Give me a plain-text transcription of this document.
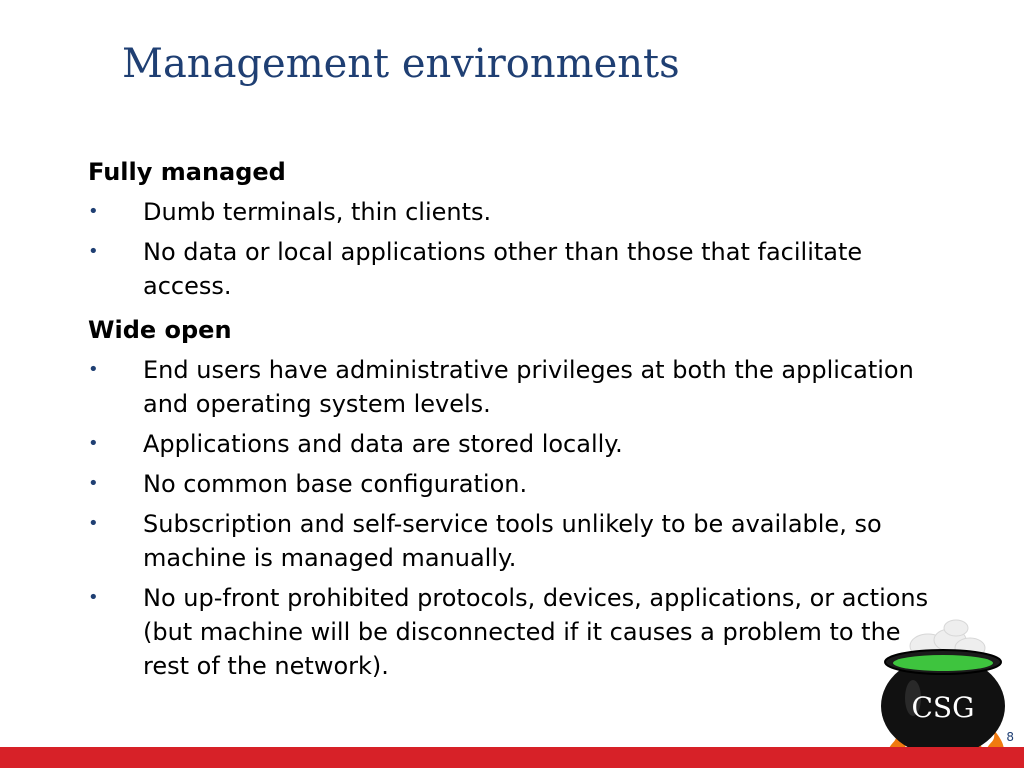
Management environments
Fully managed
• Dumb terminals, thin clients.
• No data or local applications other than those that facilitate access.
Wide open
• End users have administrative privileges at both the application and operating system levels.
• Applications and data are stored locally.
• No common base configuration.
• Subscription and self-service tools unlikely to be available, so machine is managed manually.
• No up-front prohibited protocols, devices, applications, or actions (but machine will be disconnected if it causes a problem to the rest of the network).
CSG
8
